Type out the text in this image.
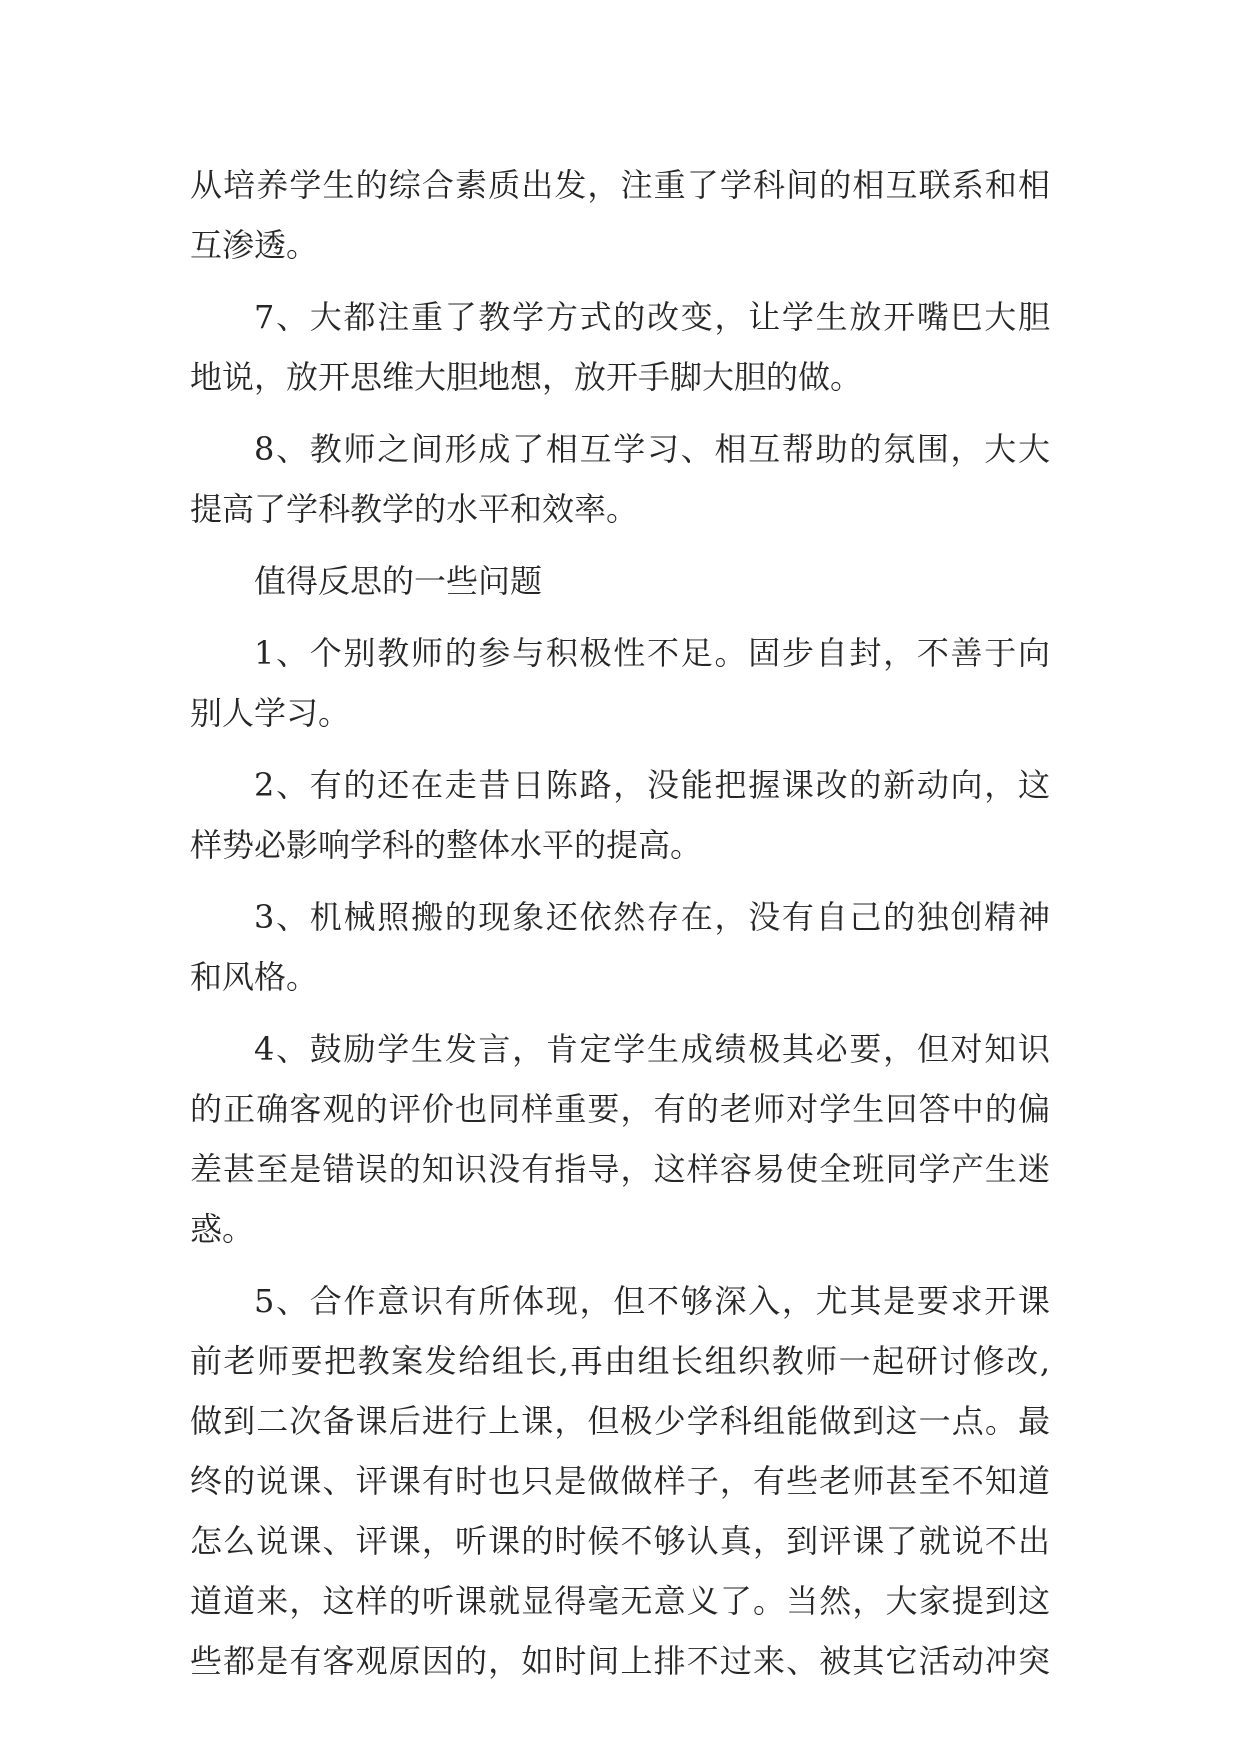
从培养学生的综合素质出发，注重了学科间的相互联系和相
互渗透。
7、大都注重了教学方式的改变，让学生放开嘴巴大胆
地说，放开思维大胆地想，放开手脚大胆的做。
8、教师之间形成了相互学习、相互帮助的氛围，大大
提高了学科教学的水平和效率。
值得反思的一些问题
1、个别教师的参与积极性不足。固步自封，不善于向
别人学习。
2、有的还在走昔日陈路，没能把握课改的新动向，这
样势必影响学科的整体水平的提高。
3、机械照搬的现象还依然存在，没有自己的独创精神
和风格。
4、鼓励学生发言，肯定学生成绩极其必要，但对知识
的正确客观的评价也同样重要，有的老师对学生回答中的偏
差甚至是错误的知识没有指导，这样容易使全班同学产生迷
惑。
5、合作意识有所体现，但不够深入，尤其是要求开课
前老师要把教案发给组长,再由组长组织教师一起研讨修改,
做到二次备课后进行上课，但极少学科组能做到这一点。最
终的说课、评课有时也只是做做样子，有些老师甚至不知道
怎么说课、评课，听课的时候不够认真，到评课了就说不出
道道来，这样的听课就显得毫无意义了。当然，大家提到这
些都是有客观原因的，如时间上排不过来、被其它活动冲突
